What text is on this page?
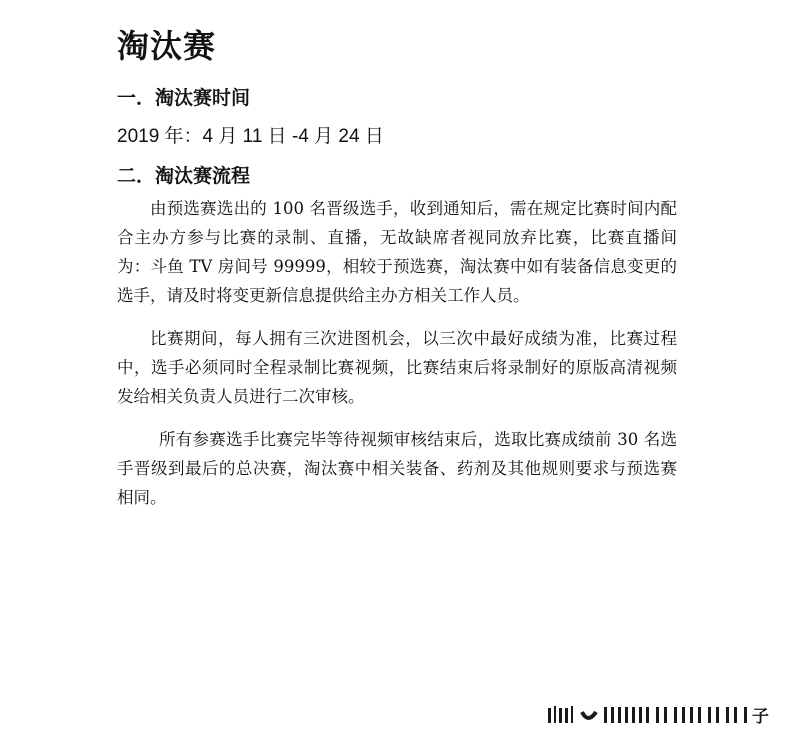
淘汰赛
一．淘汰赛时间

2019 年：4 月 11 日 -4 月 24 日

二．淘汰赛流程

由预选赛选出的 100 名晋级选手，收到通知后，需在规定比赛时间内配合主办方参与比赛的录制、直播，无故缺席者视同放弃比赛，比赛直播间为：斗鱼 TV 房间号 99999，相较于预选赛，淘汰赛中如有装备信息变更的选手，请及时将变更新信息提供给主办方相关工作人员。

比赛期间，每人拥有三次进图机会，以三次中最好成绩为准，比赛过程中，选手必须同时全程录制比赛视频，比赛结束后将录制好的原版高清视频发给相关负责人员进行二次审核。

所有参赛选手比赛完毕等待视频审核结束后，选取比赛成绩前 30 名选手晋级到最后的总决赛，淘汰赛中相关装备、药剂及其他规则要求与预选赛相同。

子
